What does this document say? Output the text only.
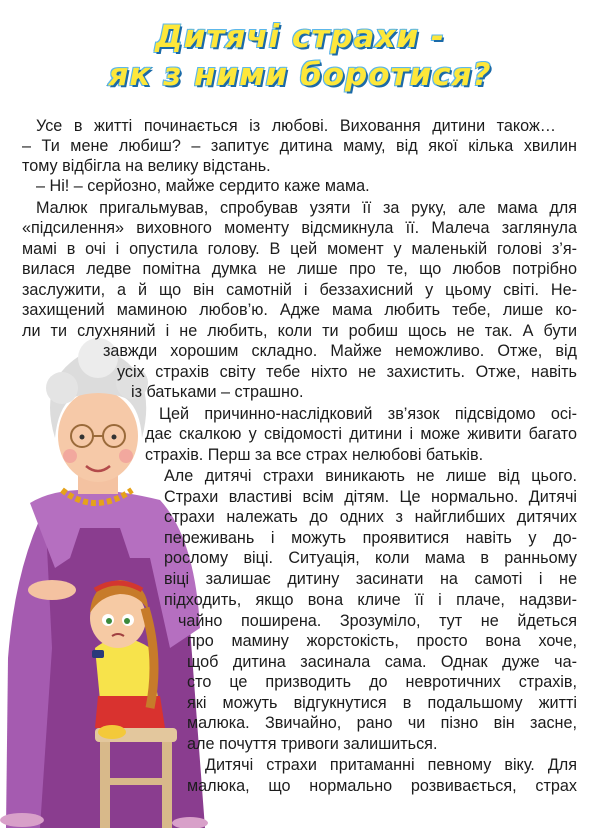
Дитячі страхи -
як з ними боротися?
Усе в житті починається із любові. Виховання дитини також…
– Ти мене любиш? – запитує дитина маму, від якої кілька хвилин
тому відбігла на велику відстань.
– Ні! – серйозно, майже сердито каже мама.
Малюк пригальмував, спробував узяти її за руку, але мама для
«підсилення» виховного моменту відсмикнула її. Малеча заглянула
мамі в очі і опустила голову. В цей момент у маленькій голові з’я-
вилася ледве помітна думка не лише про те, що любов потрібно
заслужити, а й що він самотній і беззахисний у цьому світі. Не-
захищений маминою любов’ю. Адже мама любить тебе, лише ко-
ли ти слухняний і не любить, коли ти робиш щось не так. А бути
завжди хорошим складно. Майже неможливо. Отже, від
усіх страхів світу тебе ніхто не захистить. Отже, навіть
із батьками – страшно.
Цей причинно-наслідковий зв’язок підсвідомо осі-
дає скалкою у свідомості дитини і може живити багато
страхів. Перш за все страх нелюбові батьків.
Але дитячі страхи виникають не лише від цього.
Страхи властиві всім дітям. Це нормально. Дитячі
страхи належать до одних з найглибших дитячих
переживань і можуть проявитися навіть у до-
рослому віці. Ситуація, коли мама в ранньому
віці залишає дитину засинати на самоті і не
підходить, якщо вона кличе її і плаче, надзви-
чайно поширена. Зрозуміло, тут не йдеться
про мамину жорстокість, просто вона хоче,
щоб дитина засинала сама. Однак дуже ча-
сто це призводить до невротичних страхів,
які можуть відгукнутися в подальшому житті
малюка. Звичайно, рано чи пізно він засне,
але почуття тривоги залишиться.
Дитячі страхи притаманні певному віку. Для
малюка, що нормально розвивається, страх
